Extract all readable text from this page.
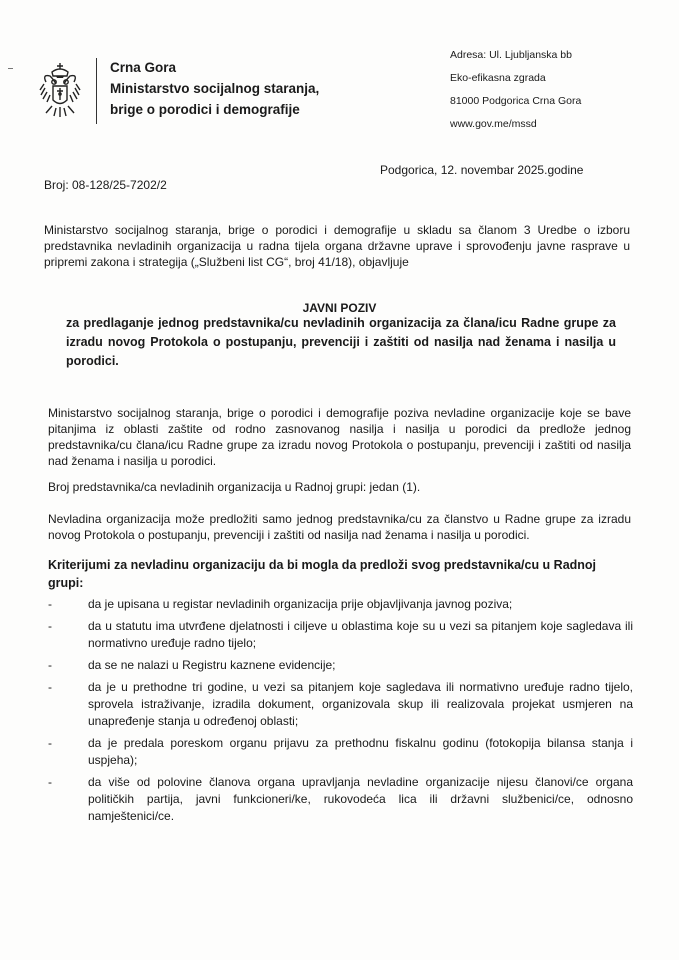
Crna Gora
Ministarstvo socijalnog staranja,
brige o porodici i demografije
Adresa: Ul. Ljubljanska bb
Eko-efikasna zgrada
81000 Podgorica Crna Gora
www.gov.me/mssd
Broj: 08-128/25-7202/2
Podgorica, 12. novembar 2025.godine
Ministarstvo socijalnog staranja, brige o porodici i demografije u skladu sa članom 3 Uredbe o izboru predstavnika nevladinih organizacija u radna tijela organa državne uprave i sprovođenju javne rasprave u pripremi zakona i strategija („Službeni list CG“, broj 41/18), objavljuje
JAVNI POZIV
za predlaganje jednog predstavnika/cu nevladinih organizacija za člana/icu Radne grupe za izradu novog Protokola o postupanju, prevenciji i zaštiti od nasilja nad ženama i nasilja u porodici.
Ministarstvo socijalnog staranja, brige o porodici i demografije poziva nevladine organizacije koje se bave pitanjima iz oblasti zaštite od rodno zasnovanog nasilja i nasilja u porodici da predlože jednog predstavnika/cu člana/icu Radne grupe za izradu novog Protokola o postupanju, prevenciji i zaštiti od nasilja nad ženama i nasilja u porodici.
Broj predstavnika/ca nevladinih organizacija u Radnoj grupi: jedan (1).
Nevladina organizacija može predložiti samo jednog predstavnika/cu za članstvo u Radne grupe za izradu novog Protokola o postupanju, prevenciji i zaštiti od nasilja nad ženama i nasilja u porodici.
Kriterijumi za nevladinu organizaciju da bi mogla da predloži svog predstavnika/cu u Radnoj grupi:
-	da je upisana u registar nevladinih organizacija prije objavljivanja javnog poziva;
-	da u statutu ima utvrđene djelatnosti i ciljeve u oblastima koje su u vezi sa pitanjem koje sagledava ili normativno uređuje radno tijelo;
-	da se ne nalazi u Registru kaznene evidencije;
-	da je u prethodne tri godine, u vezi sa pitanjem koje sagledava ili normativno uređuje radno tijelo, sprovela istraživanje, izradila dokument, organizovala skup ili realizovala projekat usmjeren na unapređenje stanja u određenoj oblasti;
-	da je predala poreskom organu prijavu za prethodnu fiskalnu godinu (fotokopija bilansa stanja i uspjeha);
-	da više od polovine članova organa upravljanja nevladine organizacije nijesu članovi/ce organa političkih partija, javni funkcioneri/ke, rukovodeća lica ili državni službenici/ce, odnosno namještenici/ce.
